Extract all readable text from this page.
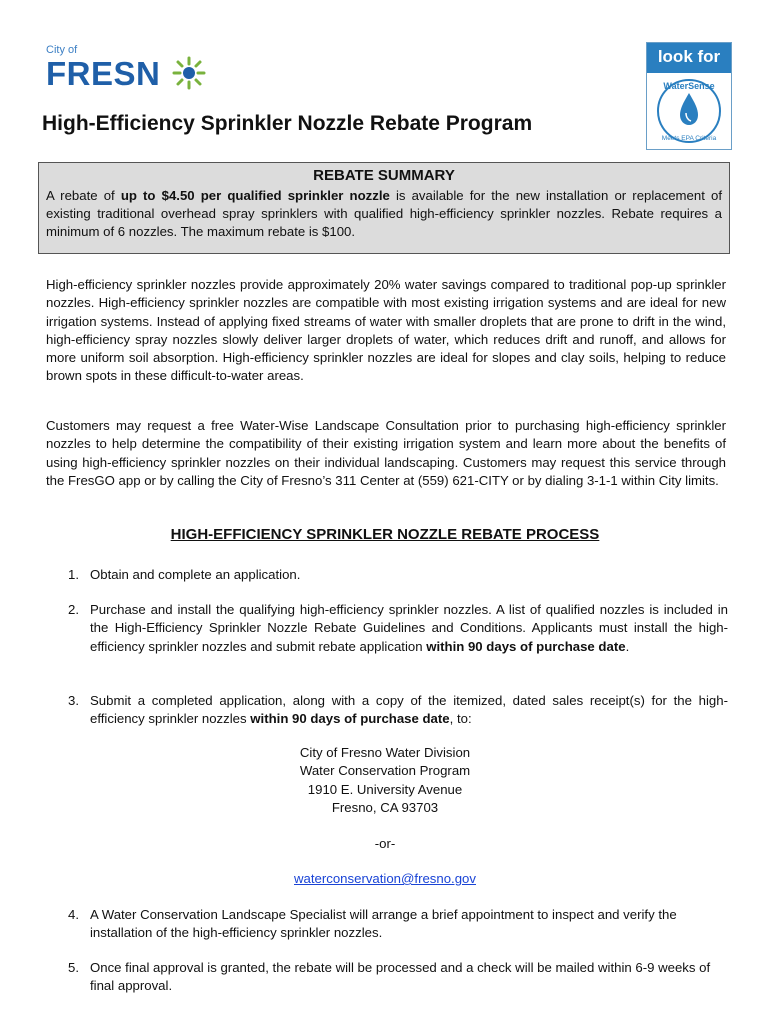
City of
FRESN	look for
WaterSense
Meets EPA Criteria
High-Efficiency Sprinkler Nozzle Rebate Program
REBATE SUMMARY
A rebate of up to $4.50 per qualified sprinkler nozzle is available for the new installation or replacement of existing traditional overhead spray sprinklers with qualified high-efficiency sprinkler nozzles. Rebate requires a minimum of 6 nozzles. The maximum rebate is $100.
High-efficiency sprinkler nozzles provide approximately 20% water savings compared to traditional pop-up sprinkler nozzles. High-efficiency sprinkler nozzles are compatible with most existing irrigation systems and are ideal for new irrigation systems. Instead of applying fixed streams of water with smaller droplets that are prone to drift in the wind, high-efficiency spray nozzles slowly deliver larger droplets of water, which reduces drift and runoff, and allows for more uniform soil absorption. High-efficiency sprinkler nozzles are ideal for slopes and clay soils, helping to reduce brown spots in these difficult-to-water areas.
Customers may request a free Water-Wise Landscape Consultation prior to purchasing high-efficiency sprinkler nozzles to help determine the compatibility of their existing irrigation system and learn more about the benefits of using high-efficiency sprinkler nozzles on their individual landscaping. Customers may request this service through the FresGO app or by calling the City of Fresno’s 311 Center at (559) 621-CITY or by dialing 3-1-1 within City limits.
HIGH-EFFICIENCY SPRINKLER NOZZLE REBATE PROCESS
1. Obtain and complete an application.
2. Purchase and install the qualifying high-efficiency sprinkler nozzles. A list of qualified nozzles is included in the High-Efficiency Sprinkler Nozzle Rebate Guidelines and Conditions. Applicants must install the high-efficiency sprinkler nozzles and submit rebate application within 90 days of purchase date.
3. Submit a completed application, along with a copy of the itemized, dated sales receipt(s) for the high-efficiency sprinkler nozzles within 90 days of purchase date, to:
City of Fresno Water Division
Water Conservation Program
1910 E. University Avenue
Fresno, CA 93703
-or-
waterconservation@fresno.gov
4. A Water Conservation Landscape Specialist will arrange a brief appointment to inspect and verify the installation of the high-efficiency sprinkler nozzles.
5. Once final approval is granted, the rebate will be processed and a check will be mailed within 6-9 weeks of final approval.
